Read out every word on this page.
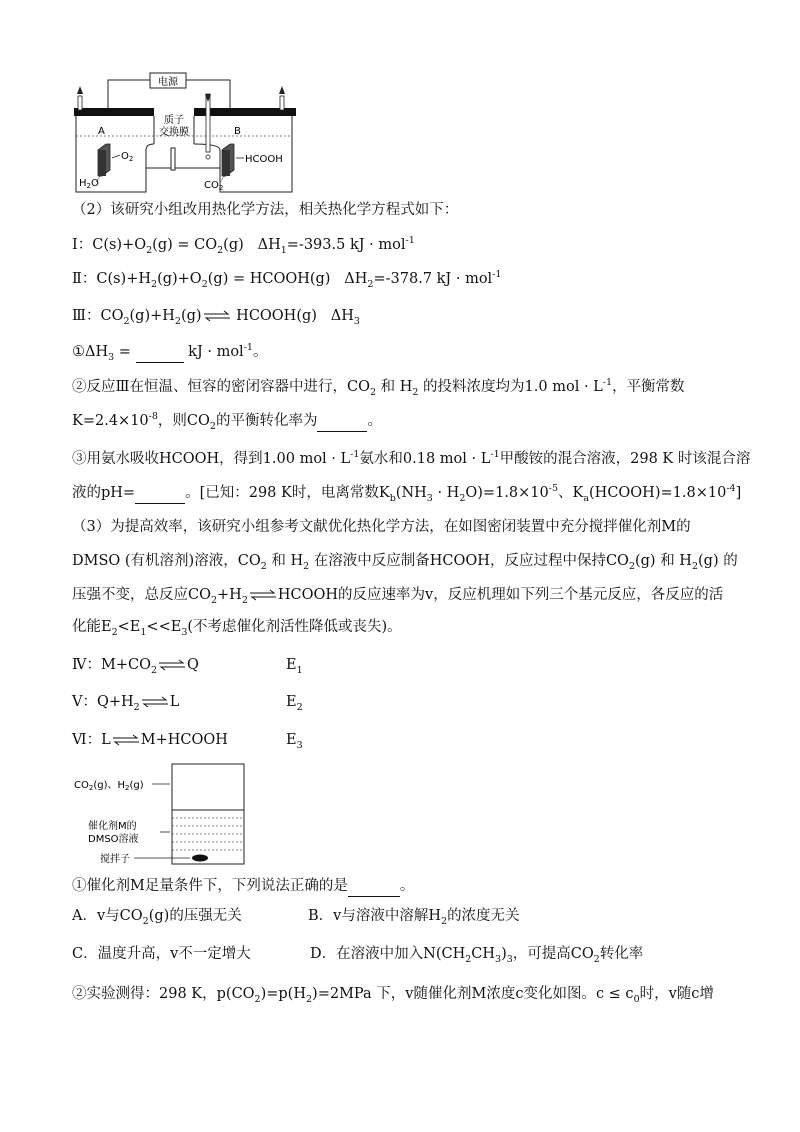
电源
质子
交换膜
A	B
$O_2$	HCOOH
$H_2O$	$CO_2$
（2）该研究小组改用热化学方法，相关热化学方程式如下：
Ⅰ：$C(s)+O_2(g) = CO_2(g)$   $\Delta H_1=-393.5$ kJ · mol$^{-1}$
Ⅱ：$C(s)+H_2(g)+O_2(g)$ = HCOOH(g)   $\Delta H_2=-378.7$ kJ · mol$^{-1}$
Ⅲ：$CO_2(g)+H_2(g)\rightleftharpoons$ HCOOH(g)   $\Delta H_3$
$①\Delta H_3$ =	kJ · mol$^{-1}$。
②反应Ⅲ在恒温、恒容的密闭容器中进行，$CO_2$ 和 $H_2$ 的投料浓度均为1.0 mol · $L^{-1}$，平衡常数
$K=2.4\times 10^{-8}$，则$CO_2$的平衡转化率为	。
③用氨水吸收HCOOH，得到1.00 mol · $L^{-1}$氨水和0.18 mol · $L^{-1}$甲酸铵的混合溶液，298 K 时该混合溶
液的pH=	。[已知：298 K时，电离常数$K_b(NH_3 \cdot H_2O)=1.8\times 10^{-5}$、$K_a(HCOOH)=1.8\times 10^{-4}$]
（3）为提高效率，该研究小组参考文献优化热化学方法，在如图密闭装置中充分搅拌催化剂M的
DMSO (有机溶剂)溶液，$CO_2$ 和 $H_2$ 在溶液中反应制备HCOOH，反应过程中保持$CO_2(g)$ 和 $H_2(g)$ 的
压强不变，总反应$CO_2+H_2\rightleftharpoons HCOOH$的反应速率为v，反应机理如下列三个基元反应，各反应的活
化能$E_2<E_1<<E_3$(不考虑催化剂活性降低或丧失)。
Ⅳ：$M+CO_2\rightleftharpoons Q$	$E_1$
Ⅴ：$Q+H_2\rightleftharpoons L$	$E_2$
Ⅵ：L⇌M+HCOOH	$E_3$
$CO_2(g)$、$H_2(g)$
催化剂M的
DMSO溶液
搅拌子
①催化剂M足量条件下，下列说法正确的是	。
A．v与$CO_2(g)$的压强无关	B．v与溶液中溶解$H_2$的浓度无关
C．温度升高，v不一定增大	D．在溶液中加入$N(CH_2CH_3)_3$，可提高$CO_2$转化率
②实验测得：298 K，$p(CO_2)=p(H_2)=2MPa$ 下，v随催化剂M浓度c变化如图。$c \le c_0$时，v随c增
